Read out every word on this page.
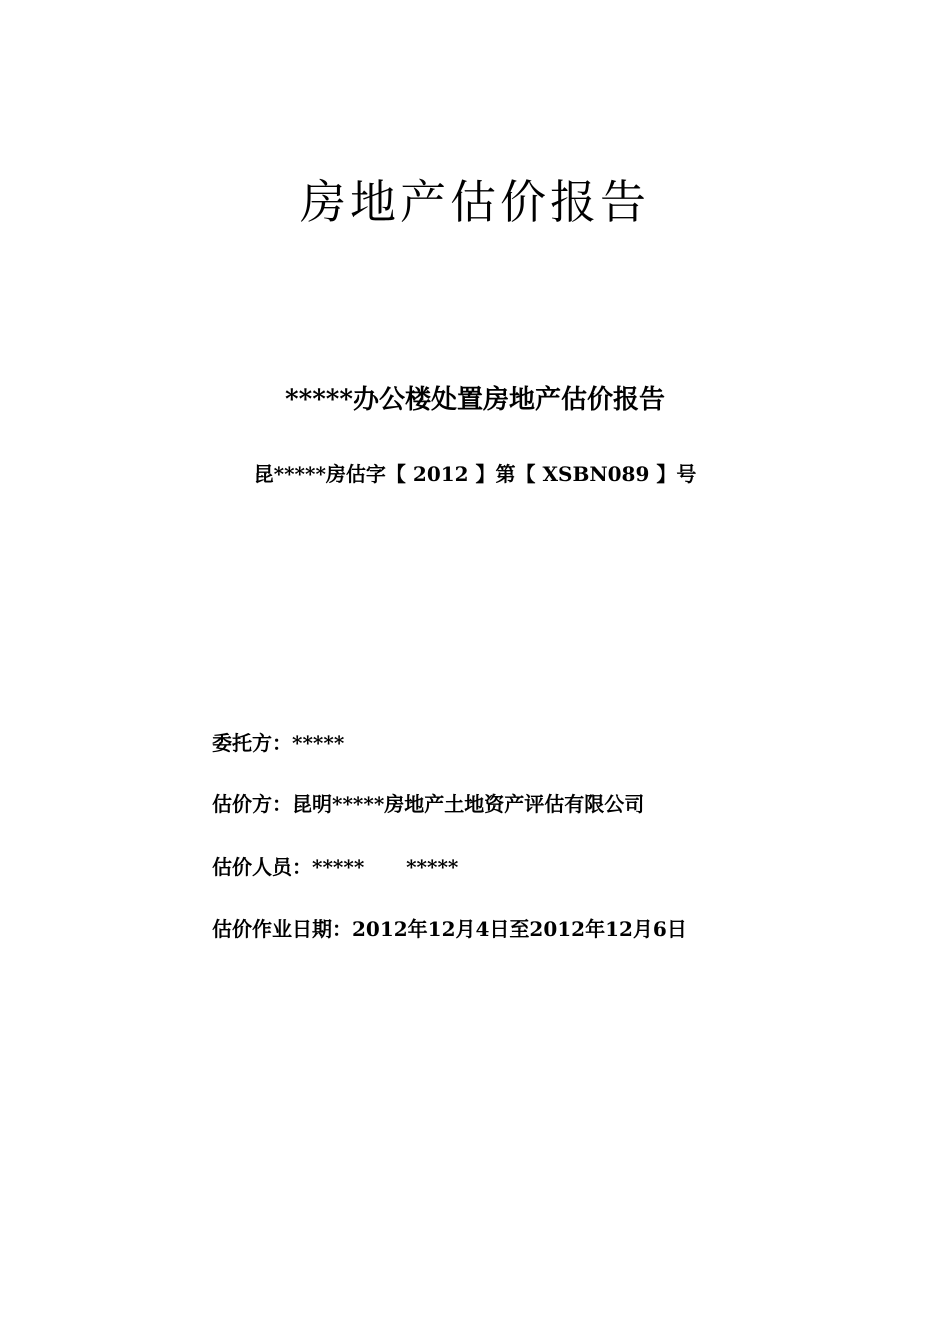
房地产估价报告
*****办公楼处置房地产估价报告
昆*****房估字【 2012 】第【 XSBN089 】号
委托方：*****
估价方：昆明*****房地产土地资产评估有限公司
估价人员：*****      *****
估价作业日期：2012年12月4日至2012年12月6日
